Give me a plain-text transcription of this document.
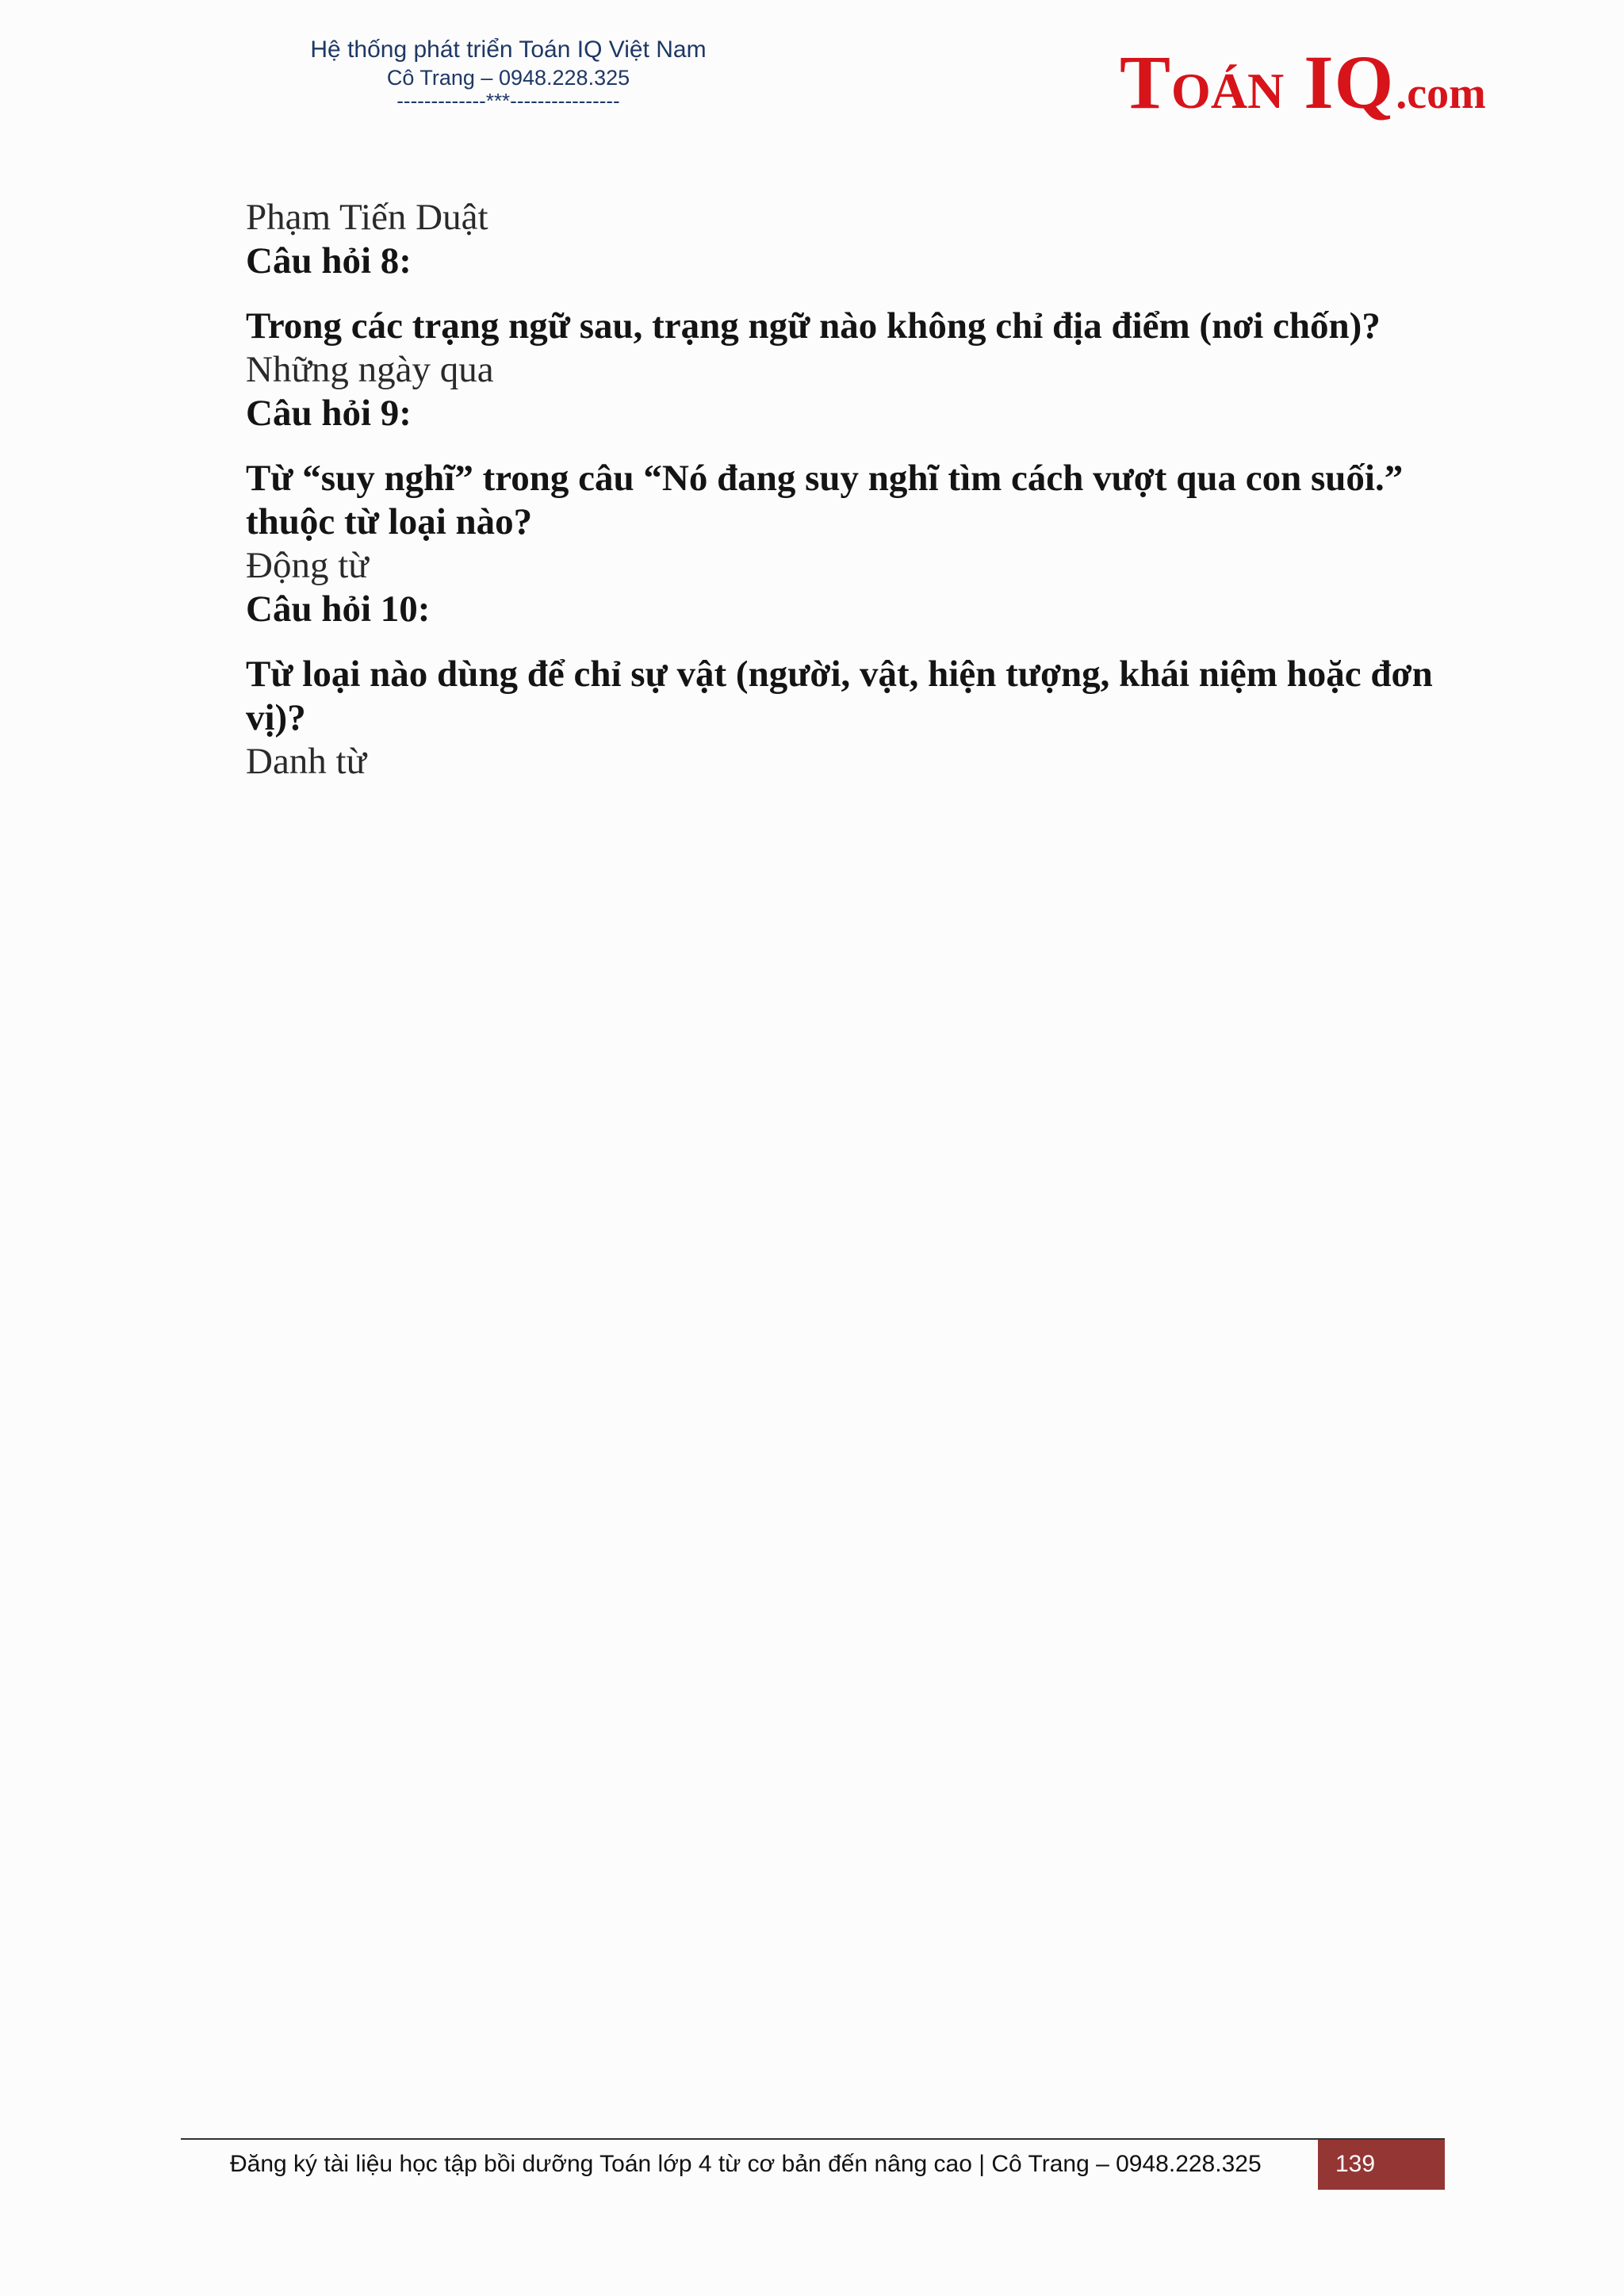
Hệ thống phát triển Toán IQ Việt Nam
Cô Trang – 0948.228.325
-------------***----------------	TOÁN IQ.com
Phạm Tiến Duật
Câu hỏi 8:
Trong các trạng ngữ sau, trạng ngữ nào không chỉ địa điểm (nơi chốn)?
Những ngày qua
Câu hỏi 9:
Từ “suy nghĩ” trong câu “Nó đang suy nghĩ tìm cách vượt qua con suối.” thuộc từ loại nào?
Động từ
Câu hỏi 10:
Từ loại nào dùng để chỉ sự vật (người, vật, hiện tượng, khái niệm hoặc đơn vị)?
Danh từ
Đăng ký tài liệu học tập bồi dưỡng Toán lớp 4 từ cơ bản đến nâng cao | Cô Trang – 0948.228.325	139
